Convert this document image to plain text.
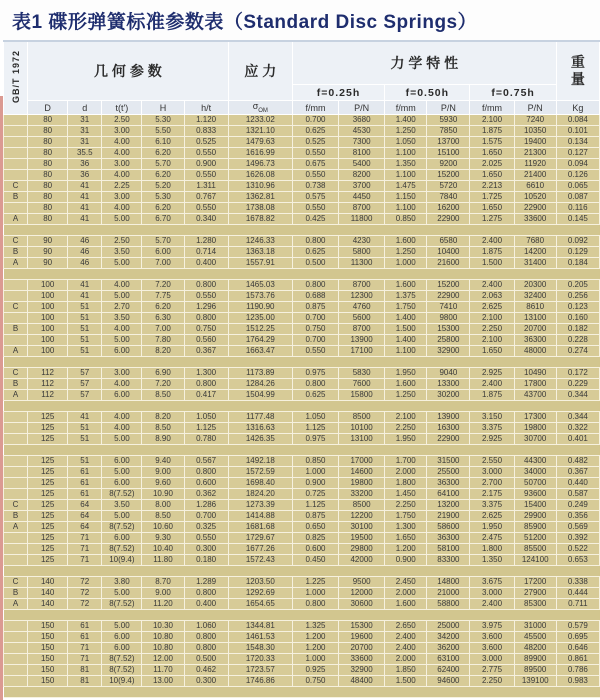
表1 碟形弹簧标准参数表（Standard Disc Springs）
GB/T 1972	几 何 参 数					应 力	力 学 特 性						重量
							f=0.25h		f=0.50h		f=0.75h		
	D	d	t(t')	H	h/t	$\sigma_{OM}$	f/mm	P/N	f/mm	P/N	f/mm	P/N	Kg
	80	31	2.50	5.30	1.120	1233.02	0.700	3680	1.400	5930	2.100	7240	0.084
	80	31	3.00	5.50	0.833	1321.10	0.625	4530	1.250	7850	1.875	10350	0.101
	80	31	4.00	6.10	0.525	1479.63	0.525	7300	1.050	13700	1.575	19400	0.134
	80	35.5	4.00	6.20	0.550	1616.99	0.550	8100	1.100	15100	1.650	21300	0.127
	80	36	3.00	5.70	0.900	1496.73	0.675	5400	1.350	9200	2.025	11920	0.094
	80	36	4.00	6.20	0.550	1626.08	0.550	8200	1.100	15200	1.650	21400	0.126
C	80	41	2.25	5.20	1.311	1310.96	0.738	3700	1.475	5720	2.213	6610	0.065
B	80	41	3.00	5.30	0.767	1362.81	0.575	4450	1.150	7840	1.725	10520	0.087
	80	41	4.00	6.20	0.550	1738.08	0.550	8700	1.100	16200	1.650	22900	0.116
A	80	41	5.00	6.70	0.340	1678.82	0.425	11800	0.850	22900	1.275	33600	0.145

C	90	46	2.50	5.70	1.280	1246.33	0.800	4230	1.600	6580	2.400	7680	0.092
B	90	46	3.50	6.00	0.714	1363.18	0.625	5800	1.250	10400	1.875	14200	0.129
A	90	46	5.00	7.00	0.400	1557.91	0.500	11300	1.000	21600	1.500	31400	0.184

	100	41	4.00	7.20	0.800	1465.03	0.800	8700	1.600	15200	2.400	20300	0.205
	100	41	5.00	7.75	0.550	1573.76	0.688	12300	1.375	22900	2.063	32400	0.256
C	100	51	2.70	6.20	1.296	1190.90	0.875	4760	1.750	7410	2.625	8610	0.123
	100	51	3.50	6.30	0.800	1235.00	0.700	5600	1.400	9800	2.100	13100	0.160
B	100	51	4.00	7.00	0.750	1512.25	0.750	8700	1.500	15300	2.250	20700	0.182
	100	51	5.00	7.80	0.560	1764.29	0.700	13900	1.400	25800	2.100	36300	0.228
A	100	51	6.00	8.20	0.367	1663.47	0.550	17100	1.100	32900	1.650	48000	0.274

C	112	57	3.00	6.90	1.300	1173.89	0.975	5830	1.950	9040	2.925	10490	0.172
B	112	57	4.00	7.20	0.800	1284.26	0.800	7600	1.600	13300	2.400	17800	0.229
A	112	57	6.00	8.50	0.417	1504.99	0.625	15800	1.250	30200	1.875	43700	0.344

	125	41	4.00	8.20	1.050	1177.48	1.050	8500	2.100	13900	3.150	17300	0.344
	125	51	4.00	8.50	1.125	1316.63	1.125	10100	2.250	16300	3.375	19800	0.322
	125	51	5.00	8.90	0.780	1426.35	0.975	13100	1.950	22900	2.925	30700	0.401

	125	51	6.00	9.40	0.567	1492.18	0.850	17000	1.700	31500	2.550	44300	0.482
	125	61	5.00	9.00	0.800	1572.59	1.000	14600	2.000	25500	3.000	34000	0.367
	125	61	6.00	9.60	0.600	1698.40	0.900	19800	1.800	36300	2.700	50700	0.440
	125	61	8(7.52)	10.90	0.362	1824.20	0.725	33200	1.450	64100	2.175	93600	0.587
C	125	64	3.50	8.00	1.286	1273.39	1.125	8500	2.250	13200	3.375	15400	0.249
B	125	64	5.00	8.50	0.700	1414.88	0.875	12200	1.750	21900	2.625	29900	0.356
A	125	64	8(7.52)	10.60	0.325	1681.68	0.650	30100	1.300	58600	1.950	85900	0.569
	125	71	6.00	9.30	0.550	1729.67	0.825	19500	1.650	36300	2.475	51200	0.392
	125	71	8(7.52)	10.40	0.300	1677.26	0.600	29800	1.200	58100	1.800	85500	0.522
	125	71	10(9.4)	11.80	0.180	1572.43	0.450	42000	0.900	83300	1.350	124100	0.653

C	140	72	3.80	8.70	1.289	1203.50	1.225	9500	2.450	14800	3.675	17200	0.338
B	140	72	5.00	9.00	0.800	1292.69	1.000	12000	2.000	21000	3.000	27900	0.444
A	140	72	8(7.52)	11.20	0.400	1654.65	0.800	30600	1.600	58800	2.400	85300	0.711

	150	61	5.00	10.30	1.060	1344.81	1.325	15300	2.650	25000	3.975	31000	0.579
	150	61	6.00	10.80	0.800	1461.53	1.200	19600	2.400	34200	3.600	45500	0.695
	150	71	6.00	10.80	0.800	1548.30	1.200	20700	2.400	36200	3.600	48200	0.646
	150	71	8(7.52)	12.00	0.500	1720.33	1.000	33600	2.000	63100	3.000	89900	0.861
	150	81	8(7.52)	11.70	0.462	1723.57	0.925	32900	1.850	62400	2.775	89500	0.786
	150	81	10(9.4)	13.00	0.300	1746.86	0.750	48400	1.500	94600	2.250	139100	0.983
